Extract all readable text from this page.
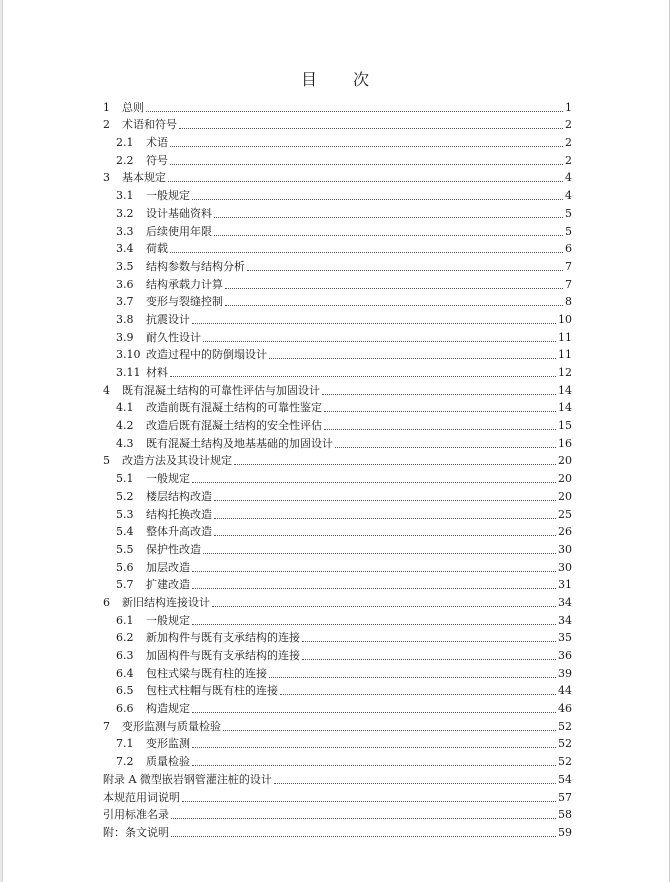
目 次
1	总则	1
2	术语和符号	2
2.1	术语	2
2.2	符号	2
3	基本规定	4
3.1	一般规定	4
3.2	设计基础资料	5
3.3	后续使用年限	5
3.4	荷载	6
3.5	结构参数与结构分析	7
3.6	结构承载力计算	7
3.7	变形与裂缝控制	8
3.8	抗震设计	10
3.9	耐久性设计	11
3.10 改造过程中的防倒塌设计	11
3.11 材料	12
4	既有混凝土结构的可靠性评估与加固设计	14
4.1	改造前既有混凝土结构的可靠性鉴定	14
4.2	改造后既有混凝土结构的安全性评估	15
4.3	既有混凝土结构及地基基础的加固设计	16
5	改造方法及其设计规定	20
5.1	一般规定	20
5.2	楼层结构改造	20
5.3	结构托换改造	25
5.4	整体升高改造	26
5.5	保护性改造	30
5.6	加层改造	30
5.7	扩建改造	31
6	新旧结构连接设计	34
6.1	一般规定	34
6.2	新加构件与既有支承结构的连接	35
6.3	加固构件与既有支承结构的连接	36
6.4	包柱式梁与既有柱的连接	39
6.5	包柱式柱帽与既有柱的连接	44
6.6	构造规定	46
7	变形监测与质量检验	52
7.1	变形监测	52
7.2	质量检验	52
附录 A 微型嵌岩钢管灌注桩的设计	54
本规范用词说明	57
引用标准名录	58
附：条文说明	59
